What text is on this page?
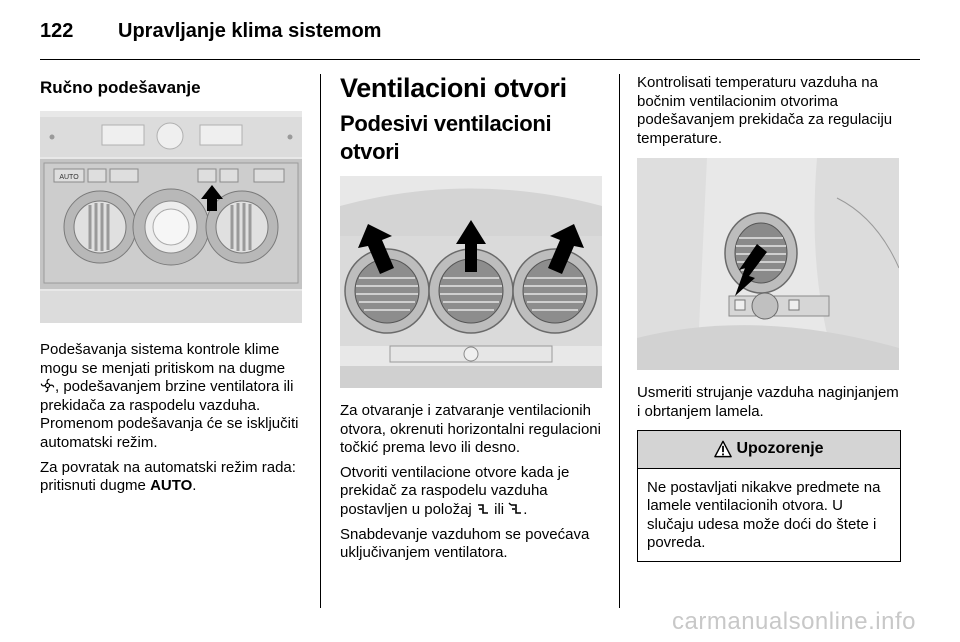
122 Upravljanje klima sistemom
Ručno podešavanje
AUTO

Podešavanja sistema kontrole klime mogu se menjati pritiskom na dugme , podešavanjem brzine ventilatora ili prekidača za raspodelu vazduha. Promenom podešavanja će se isključiti automatski režim.

Za povratak na automatski režim rada: pritisnuti dugme AUTO.

Ventilacioni otvori
Podesivi ventilacioni otvori

Za otvaranje i zatvaranje ventilacionih otvora, okrenuti horizontalni regulacioni točkić prema levo ili desno.

Otvoriti ventilacione otvore kada je prekidač za raspodelu vazduha postavljen u položaj ili .

Snabdevanje vazduhom se povećava uključivanjem ventilatora.

Kontrolisati temperaturu vazduha na bočnim ventilacionim otvorima podešavanjem prekidača za regulaciju temperature.

Usmeriti strujanje vazduha naginjanjem i obrtanjem lamela.

Upozorenje

Ne postavljati nikakve predmete na lamele ventilacionih otvora. U slučaju udesa može doći do štete i povreda.

carmanualsonline.info
